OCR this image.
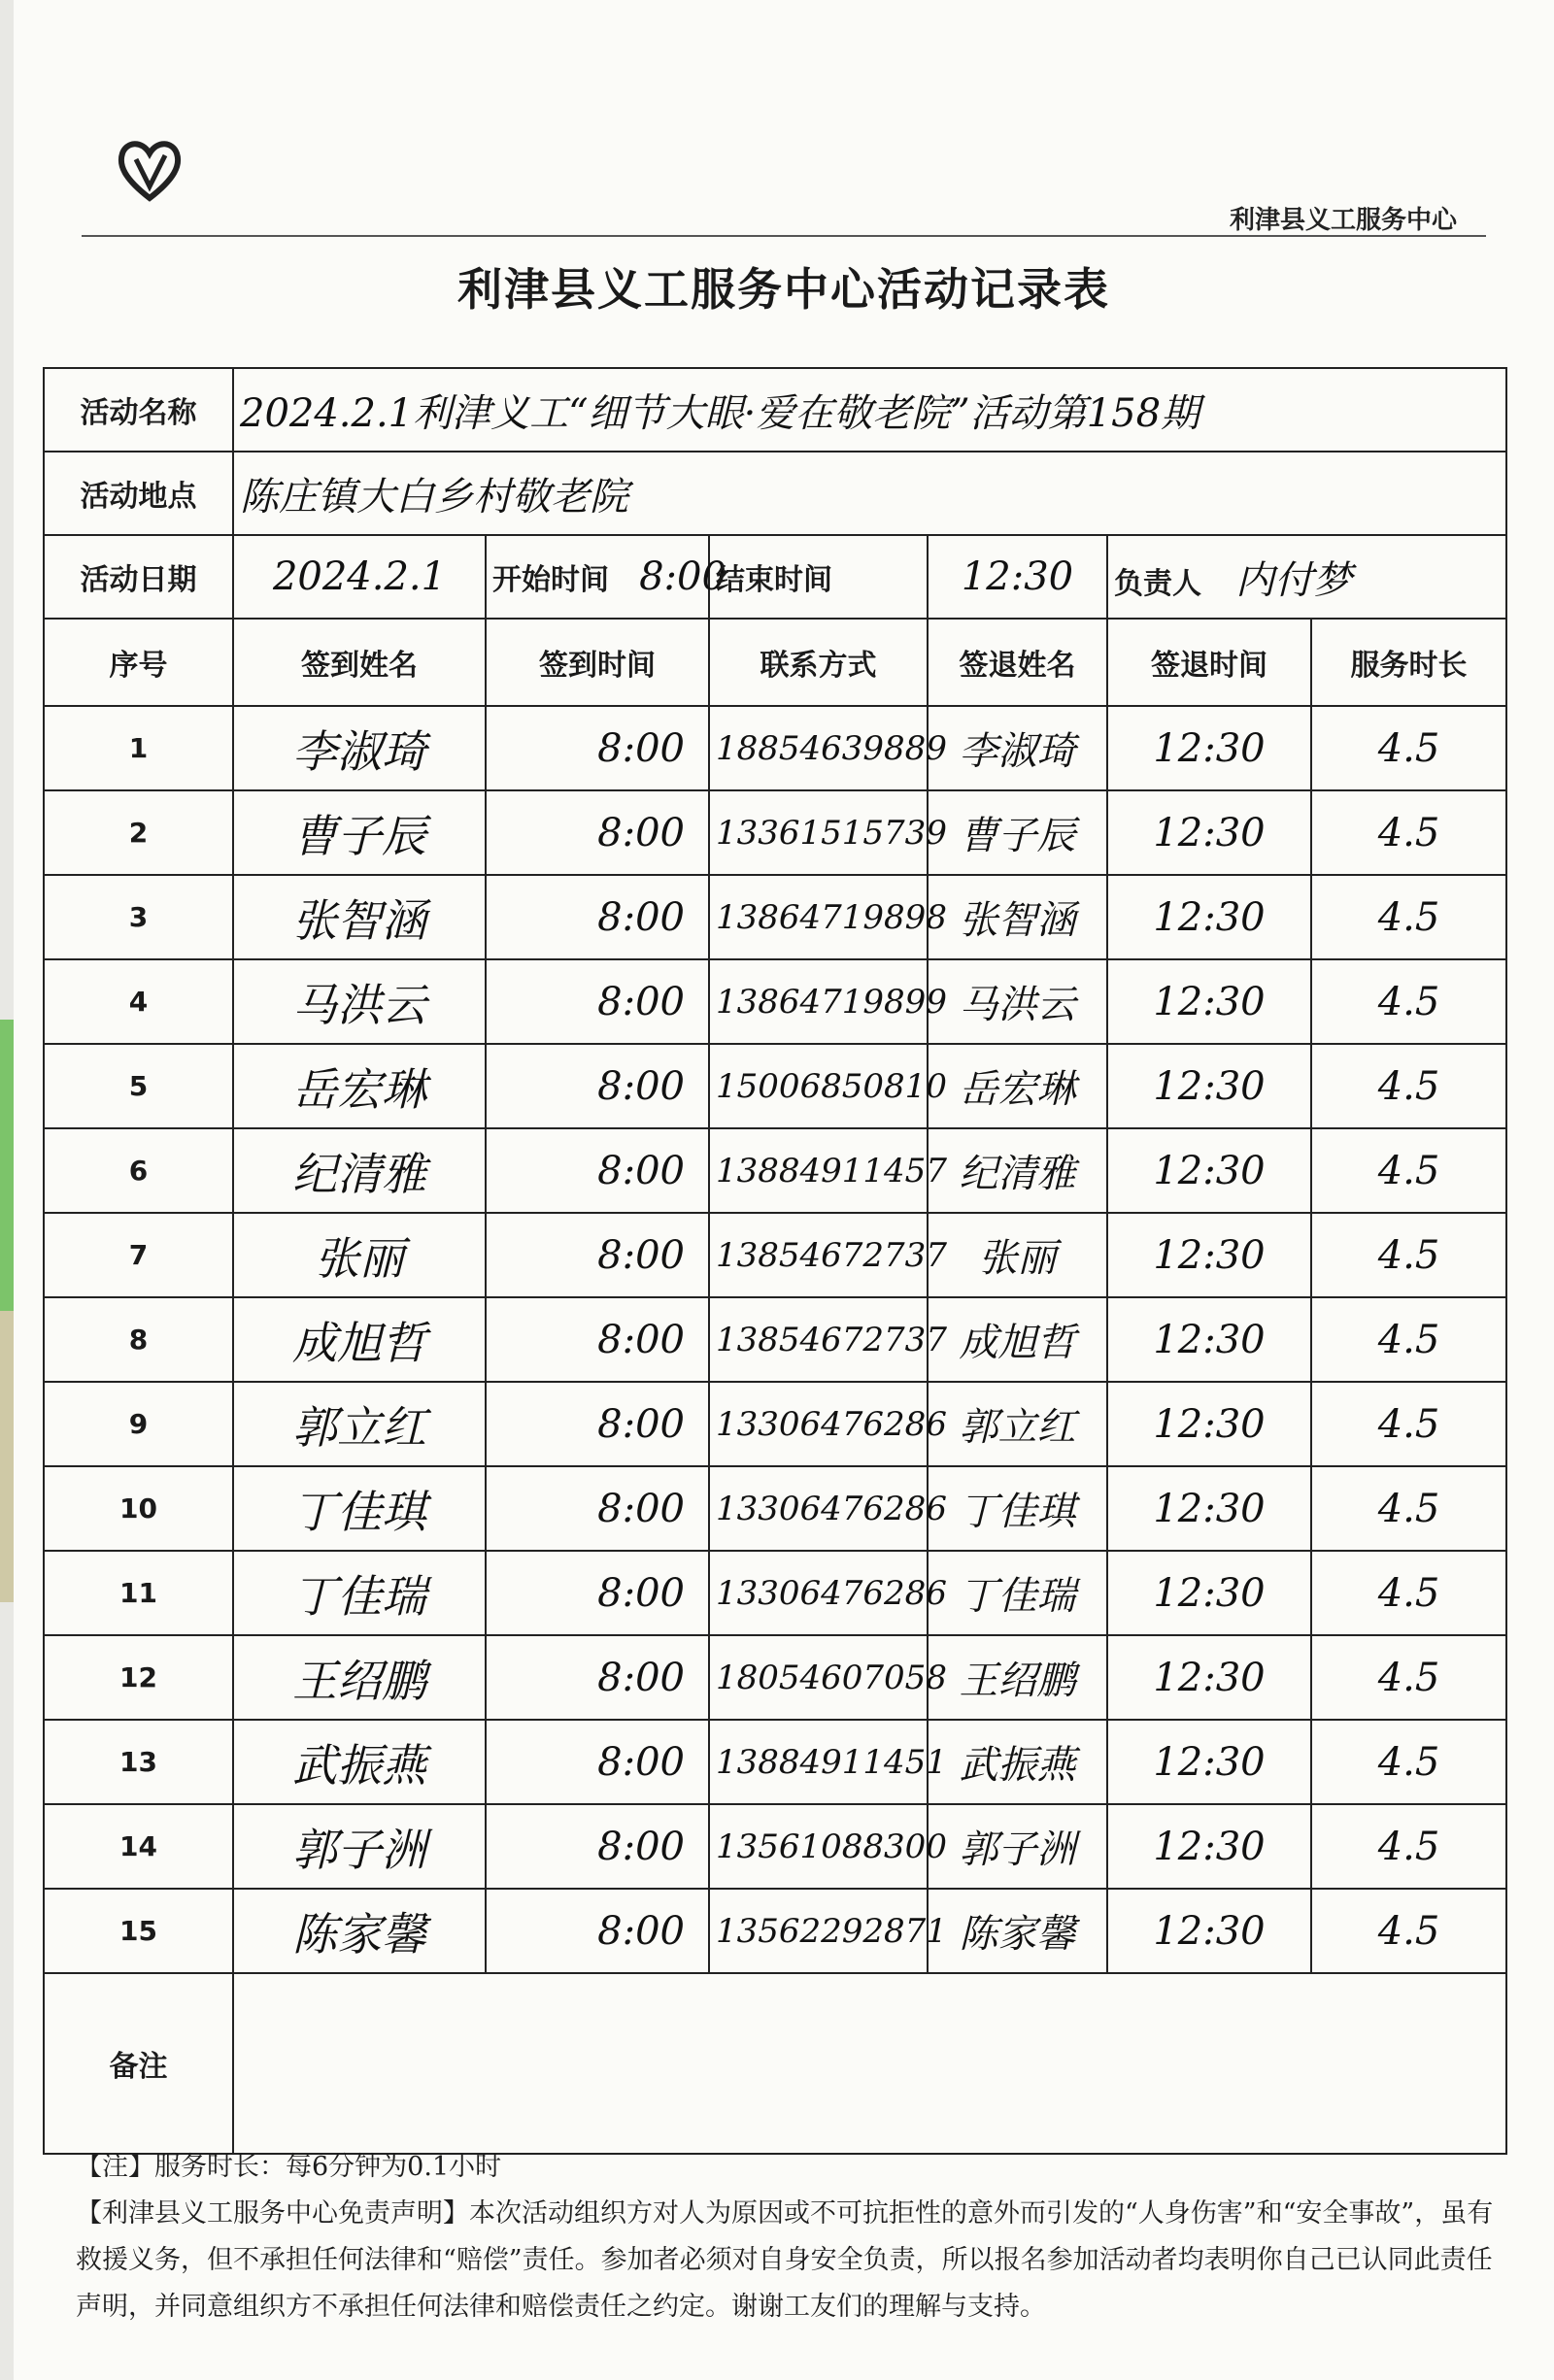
利津县义工服务中心
利津县义工服务中心活动记录表
活动名称	2024.2.1利津义工“细节大眼·爱在敬老院”活动第158期					
活动地点	陈庄镇大白乡村敬老院					
活动日期	2024.2.1	开始时间 8:00	结束时间	12:30	负责人 内付梦	
序号	签到姓名	签到时间	联系方式	签退姓名	签退时间	服务时长
1	李淑琦	8:00	18854639889	李淑琦	12:30	4.5
2	曹子辰	8:00	13361515739	曹子辰	12:30	4.5
3	张智涵	8:00	13864719898	张智涵	12:30	4.5
4	马洪云	8:00	13864719899	马洪云	12:30	4.5
5	岳宏琳	8:00	15006850810	岳宏琳	12:30	4.5
6	纪清雅	8:00	13884911457	纪清雅	12:30	4.5
7	张丽	8:00	13854672737	张丽	12:30	4.5
8	成旭哲	8:00	13854672737	成旭哲	12:30	4.5
9	郭立红	8:00	13306476286	郭立红	12:30	4.5
10	丁佳琪	8:00	13306476286	丁佳琪	12:30	4.5
11	丁佳瑞	8:00	13306476286	丁佳瑞	12:30	4.5
12	王绍鹏	8:00	18054607058	王绍鹏	12:30	4.5
13	武振燕	8:00	13884911451	武振燕	12:30	4.5
14	郭子洲	8:00	13561088300	郭子洲	12:30	4.5
15	陈家馨	8:00	13562292871	陈家馨	12:30	4.5
备注						

【注】服务时长：每6分钟为0.1小时

【利津县义工服务中心免责声明】本次活动组织方对人为原因或不可抗拒性的意外而引发的“人身伤害”和“安全事故”，虽有救援义务，但不承担任何法律和“赔偿”责任。参加者必须对自身安全负责，所以报名参加活动者均表明你自己已认同此责任声明，并同意组织方不承担任何法律和赔偿责任之约定。谢谢工友们的理解与支持。
